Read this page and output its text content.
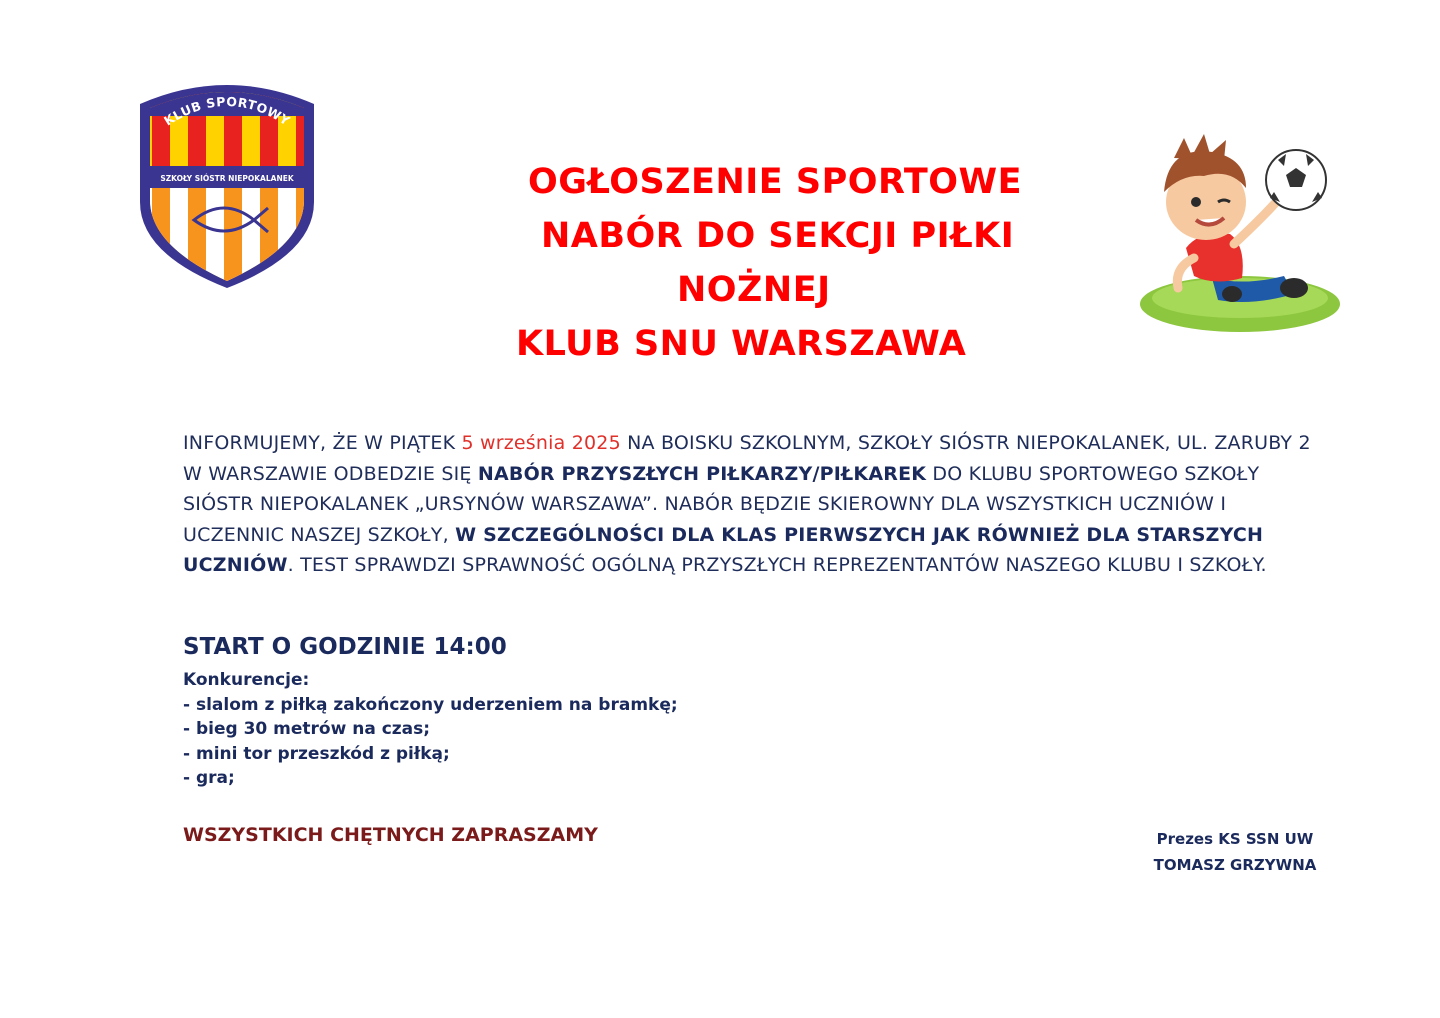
KLUB SPORTOWY
SZKOŁY SIÓSTR NIEPOKALANEK	OGŁOSZENIE SPORTOWE
NABÓR DO SEKCJI PIŁKI
NOŻNEJ
KLUB SNU WARSZAWA
INFORMUJEMY, ŻE W PIĄTEK 5 września 2025 NA BOISKU SZKOLNYM, SZKOŁY SIÓSTR NIEPOKALANEK, UL. ZARUBY 2 W WARSZAWIE ODBEDZIE SIĘ NABÓR PRZYSZŁYCH PIŁKARZY/PIŁKAREK DO KLUBU SPORTOWEGO SZKOŁY SIÓSTR NIEPOKALANEK „URSYNÓW WARSZAWA”. NABÓR BĘDZIE SKIEROWNY DLA WSZYSTKICH UCZNIÓW I UCZENNIC NASZEJ SZKOŁY, W SZCZEGÓLNOŚCI DLA KLAS PIERWSZYCH JAK RÓWNIEŻ DLA STARSZYCH UCZNIÓW. TEST SPRAWDZI SPRAWNOŚĆ OGÓLNĄ PRZYSZŁYCH REPREZENTANTÓW NASZEGO KLUBU I SZKOŁY.
START O GODZINIE 14:00
Konkurencje:
- slalom z piłką zakończony uderzeniem na bramkę;
- bieg 30 metrów na czas;
- mini tor przeszkód z piłką;
- gra;
WSZYSTKICH CHĘTNYCH ZAPRASZAMY	Prezes KS SSN UW
TOMASZ GRZYWNA
